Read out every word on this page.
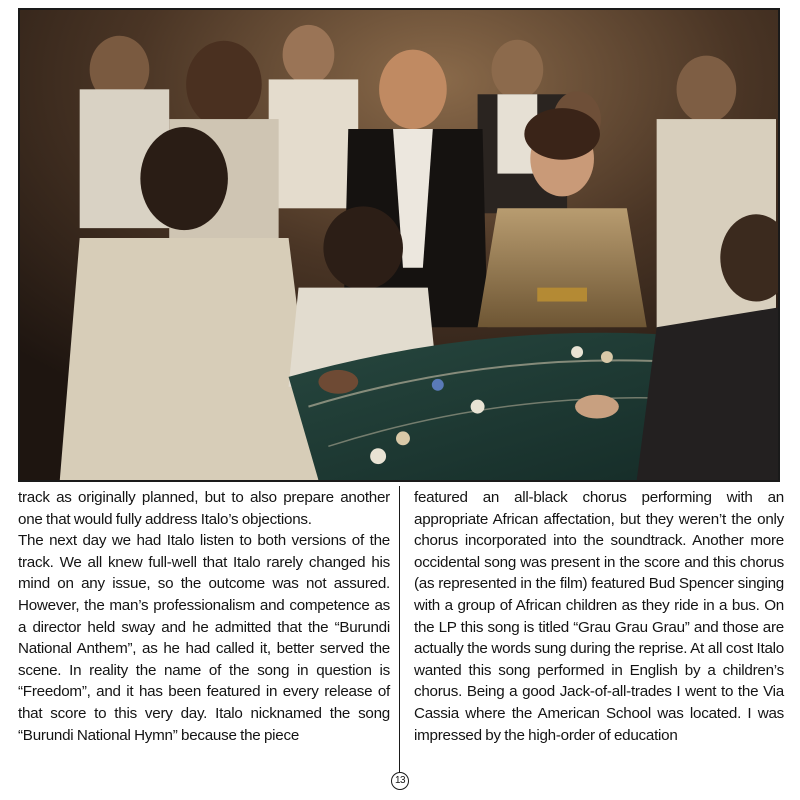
track as originally planned, but to also prepare another one that would fully address Italo’s objections.

The next day we had Italo listen to both versions of the track. We all knew full-well that Italo rarely changed his mind on any issue, so the outcome was not assured. However, the man’s professionalism and competence as a director held sway and he admitted that the “Burundi National Anthem”, as he had called it, better served the scene. In reality the name of the song in question is “Freedom”, and it has been featured in every release of that score to this very day. Italo nicknamed the song “Burundi National Hymn” because the piece

featured an all-black chorus performing with an appropriate African affectation, but they weren’t the only chorus incorporated into the soundtrack. Another more occidental song was present in the score and this chorus (as represented in the film) featured Bud Spencer singing with a group of African children as they ride in a bus. On the LP this song is titled “Grau Grau Grau” and those are actually the words sung during the reprise. At all cost Italo wanted this song performed in English by a children’s chorus. Being a good Jack-of-all-trades I went to the Via Cassia where the American School was located. I was impressed by the high-order of education

13
